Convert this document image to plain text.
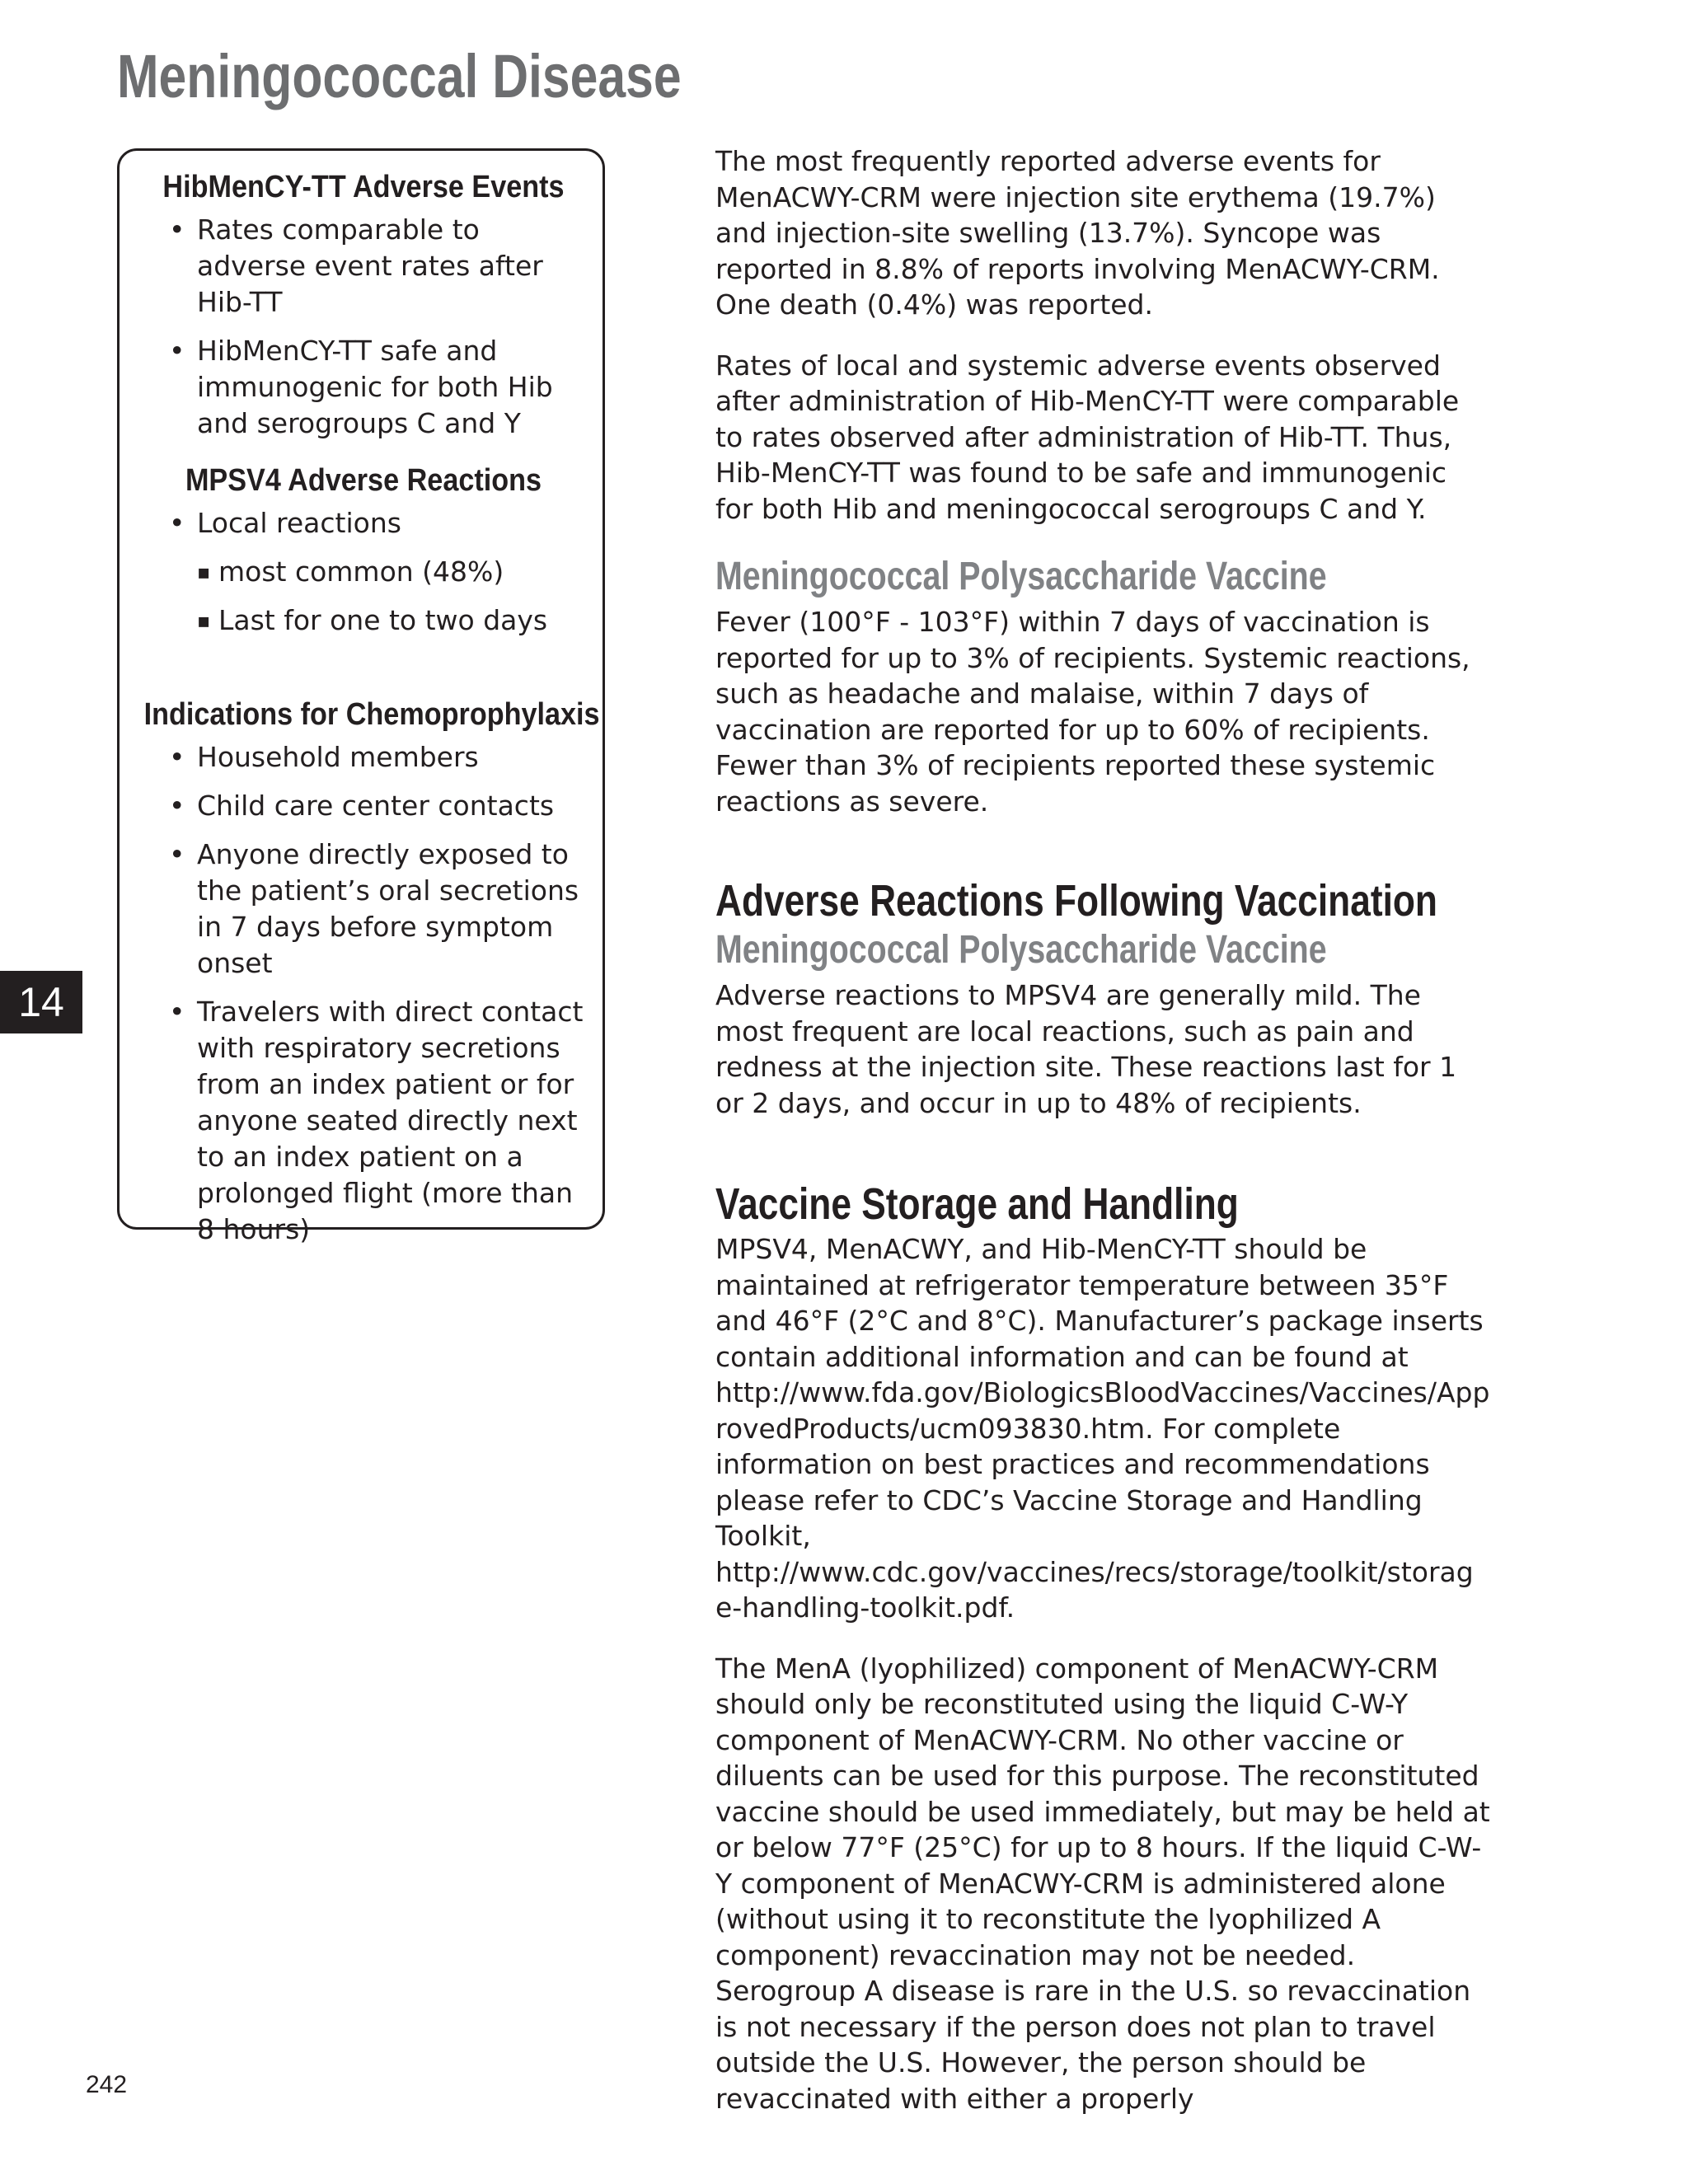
Meningococcal Disease
HibMenCY-TT Adverse Events
• Rates comparable to adverse event rates after Hib-TT
• HibMenCY-TT safe and immunogenic for both Hib and serogroups C and Y
MPSV4 Adverse Reactions
• Local reactions
▪ most common (48%)
▪ Last for one to two days
Indications for Chemoprophylaxis
• Household members
• Child care center contacts
• Anyone directly exposed to the patient’s oral secretions in 7 days before symptom onset
• Travelers with direct contact with respiratory secretions from an index patient or for anyone seated directly next to an index patient on a prolonged flight (more than 8 hours)
14

The most frequently reported adverse events for MenACWY-CRM were injection site erythema (19.7%) and injection-site swelling (13.7%). Syncope was reported in 8.8% of reports involving MenACWY-CRM. One death (0.4%) was reported.

Rates of local and systemic adverse events observed after administration of Hib-MenCY-TT were comparable to rates observed after administration of Hib-TT. Thus, Hib-MenCY-TT was found to be safe and immunogenic for both Hib and meningococcal serogroups C and Y.

Meningococcal Polysaccharide Vaccine

Fever (100°F - 103°F) within 7 days of vaccination is reported for up to 3% of recipients. Systemic reactions, such as headache and malaise, within 7 days of vaccination are reported for up to 60% of recipients. Fewer than 3% of recipients reported these systemic reactions as severe.

Adverse Reactions Following Vaccination
Meningococcal Polysaccharide Vaccine

Adverse reactions to MPSV4 are generally mild. The most frequent are local reactions, such as pain and redness at the injection site. These reactions last for 1 or 2 days, and occur in up to 48% of recipients.

Vaccine Storage and Handling

MPSV4, MenACWY, and Hib-MenCY-TT should be maintained at refrigerator temperature between 35°F and 46°F (2°C and 8°C). Manufacturer’s package inserts contain additional information and can be found at http://www.fda.gov/BiologicsBloodVaccines/Vaccines/ApprovedProducts/ucm093830.htm. For complete information on best practices and recommendations please refer to CDC’s Vaccine Storage and Handling Toolkit, http://www.cdc.gov/vaccines/recs/storage/toolkit/storage-handling-toolkit.pdf.

The MenA (lyophilized) component of MenACWY-CRM should only be reconstituted using the liquid C-W-Y component of MenACWY-CRM. No other vaccine or diluents can be used for this purpose. The reconstituted vaccine should be used immediately, but may be held at or below 77°F (25°C) for up to 8 hours. If the liquid C-W-Y component of MenACWY-CRM is administered alone (without using it to reconstitute the lyophilized A component) revaccination may not be needed. Serogroup A disease is rare in the U.S. so revaccination is not necessary if the person does not plan to travel outside the U.S. However, the person should be revaccinated with either a properly

242
